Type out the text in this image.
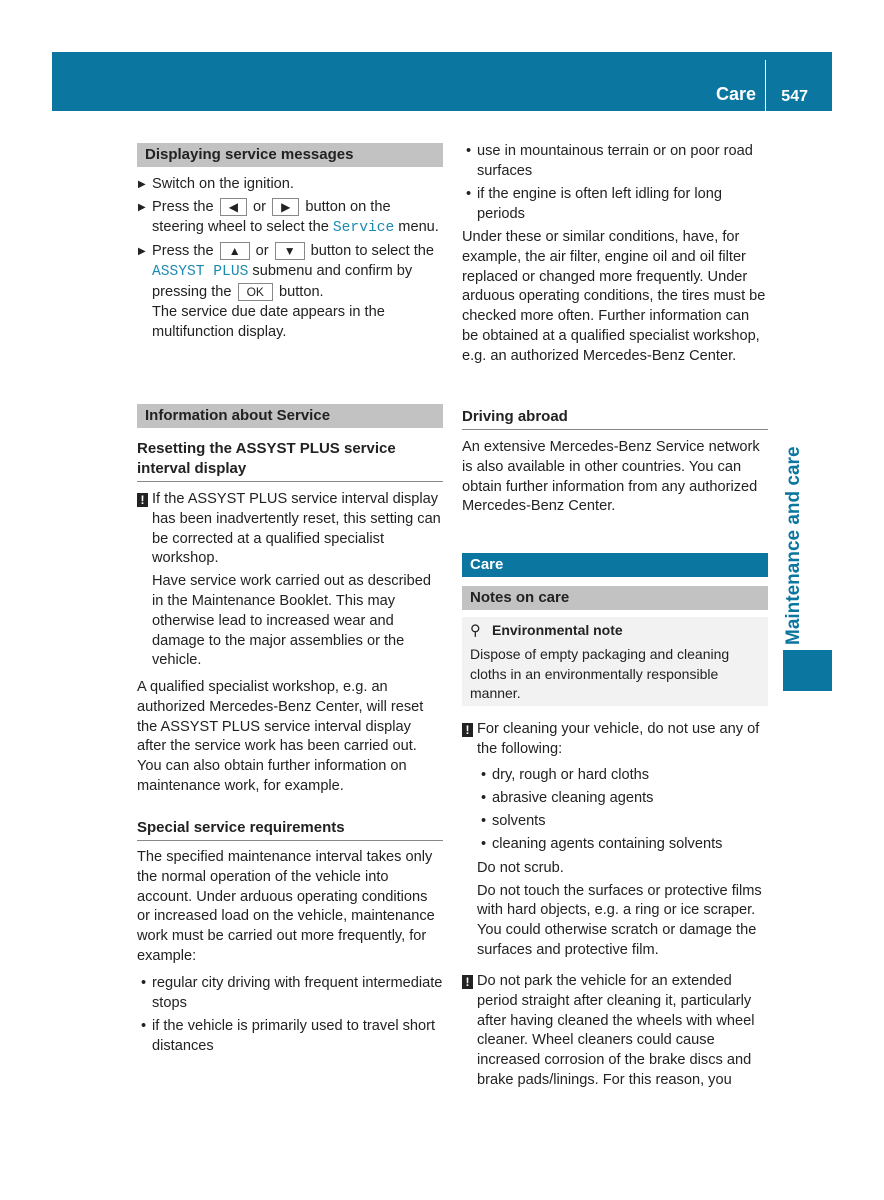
Care 547
Maintenance and care
Displaying service messages
▶ Switch on the ignition.
▶ Press the ◀ or ▶ button on the steering wheel to select the Service menu.
▶ Press the ▲ or ▼ button to select the ASSYST PLUS submenu and confirm by pressing the OK button.
The service due date appears in the multifunction display.
Information about Service
Resetting the ASSYST PLUS service interval display
! If the ASSYST PLUS service interval display has been inadvertently reset, this setting can be corrected at a qualified specialist workshop.

Have service work carried out as described in the Maintenance Booklet. This may otherwise lead to increased wear and damage to the major assemblies or the vehicle.

A qualified specialist workshop, e.g. an authorized Mercedes-Benz Center, will reset the ASSYST PLUS service interval display after the service work has been carried out. You can also obtain further information on maintenance work, for example.

Special service requirements

The specified maintenance interval takes only the normal operation of the vehicle into account. Under arduous operating conditions or increased load on the vehicle, maintenance work must be carried out more frequently, for example:

• regular city driving with frequent intermediate stops
• if the vehicle is primarily used to travel short distances
• use in mountainous terrain or on poor road surfaces
• if the engine is often left idling for long periods

Under these or similar conditions, have, for example, the air filter, engine oil and oil filter replaced or changed more frequently. Under arduous operating conditions, the tires must be checked more often. Further information can be obtained at a qualified specialist workshop, e.g. an authorized Mercedes-Benz Center.

Driving abroad

An extensive Mercedes-Benz Service network is also available in other countries. You can obtain further information from any authorized Mercedes-Benz Center.

Care
Notes on care
⚲ Environmental note

Dispose of empty packaging and cleaning cloths in an environmentally responsible manner.

! For cleaning your vehicle, do not use any of the following:

• dry, rough or hard cloths
• abrasive cleaning agents
• solvents
• cleaning agents containing solvents

Do not scrub.

Do not touch the surfaces or protective films with hard objects, e.g. a ring or ice scraper. You could otherwise scratch or damage the surfaces and protective film.

! Do not park the vehicle for an extended period straight after cleaning it, particularly after having cleaned the wheels with wheel cleaner. Wheel cleaners could cause increased corrosion of the brake discs and brake pads/linings. For this reason, you
